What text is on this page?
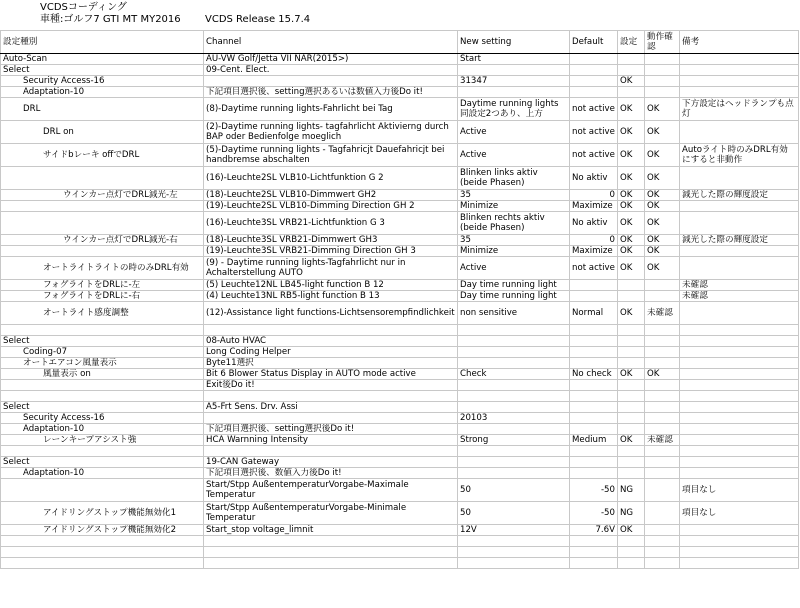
VCDSコーディング
車種:ゴルフ7 GTI MT MY2016 VCDS Release 15.7.4
設定種別	Channel	New setting	Default	設定	動作確認	備考
Auto-Scan	AU-VW Golf/Jetta VII NAR(2015>)	Start				
Select	09-Cent. Elect.					
Security Access-16		31347		OK		
Adaptation-10	下記項目選択後、setting選択あるいは数値入力後Do it!					
DRL	(8)-Daytime running lights-Fahrlicht bei Tag	Daytime running lights 同設定2つあり、上方	not active	OK	OK	下方設定はヘッドランプも点灯
DRL on	(2)-Daytime running lights- tagfahrlicht Aktivierng durch BAP oder Bedienfolge moeglich	Active	not active	OK	OK	
サイドbレーキ offでDRL	(5)-Daytime running lights - Tagfahricjt Dauefahricjt bei handbremse abschalten	Active	not active	OK	OK	Autoライト時のみDRL有効にすると非動作
	(16)-Leuchte2SL VLB10-Lichtfunktion G 2	Blinken links aktiv (beide Phasen)	No aktiv	OK	OK	
ウインカー点灯でDRL減光-左	(18)-Leuchte2SL VLB10-Dimmwert GH2	35	0	OK	OK	減光した際の輝度設定
	(19)-Leuchte2SL VLB10-Dimming Direction GH 2	Minimize	Maximize	OK	OK	
	(16)-Leuchte3SL VRB21-Lichtfunktion G 3	Blinken rechts aktiv (beide Phasen)	No aktiv	OK	OK	
ウインカー点灯でDRL減光-右	(18)-Leuchte3SL VRB21-Dimmwert GH3	35	0	OK	OK	減光した際の輝度設定
	(19)-Leuchte3SL VRB21-Dimming Direction GH 3	Minimize	Maximize	OK	OK	
オートライトライトの時のみDRL有効	(9) - Daytime running lights-Tagfahrlicht nur in Achalterstellung AUTO	Active	not active	OK	OK	
フォグライトをDRLに-左	(5) Leuchte12NL LB45-light function B 12	Day time running light				未確認
フォグライトをDRLに-右	(4) Leuchte13NL RB5-light function B 13	Day time running light				未確認
オートライト感度調整	(12)-Assistance light functions-Lichtsensorempfindlichkeit	non sensitive	Normal	OK	未確認	

Select	08-Auto HVAC					
Coding-07	Long Coding Helper					
オートエアコン風量表示	Byte11選択					
風量表示 on	Bit 6 Blower Status Display in AUTO mode active	Check	No check	OK	OK	
	Exit後Do it!					

Select	A5-Frt Sens. Drv. Assi					
Security Access-16		20103				
Adaptation-10	下記項目選択後、setting選択後Do it!					
レーンキープアシスト強	HCA Warnning Intensity	Strong	Medium	OK	未確認	

Select	19-CAN Gateway					
Adaptation-10	下記項目選択後、数値入力後Do it!					
	Start/Stpp AußentemperaturVorgabe-Maximale Temperatur	50	-50	NG		項目なし
アイドリングストップ機能無効化1	Start/Stpp AußentemperaturVorgabe-Minimale Temperatur	50	-50	NG		項目なし
アイドリングストップ機能無効化2	Start_stop voltage_limnit	12V	7.6V	OK		
